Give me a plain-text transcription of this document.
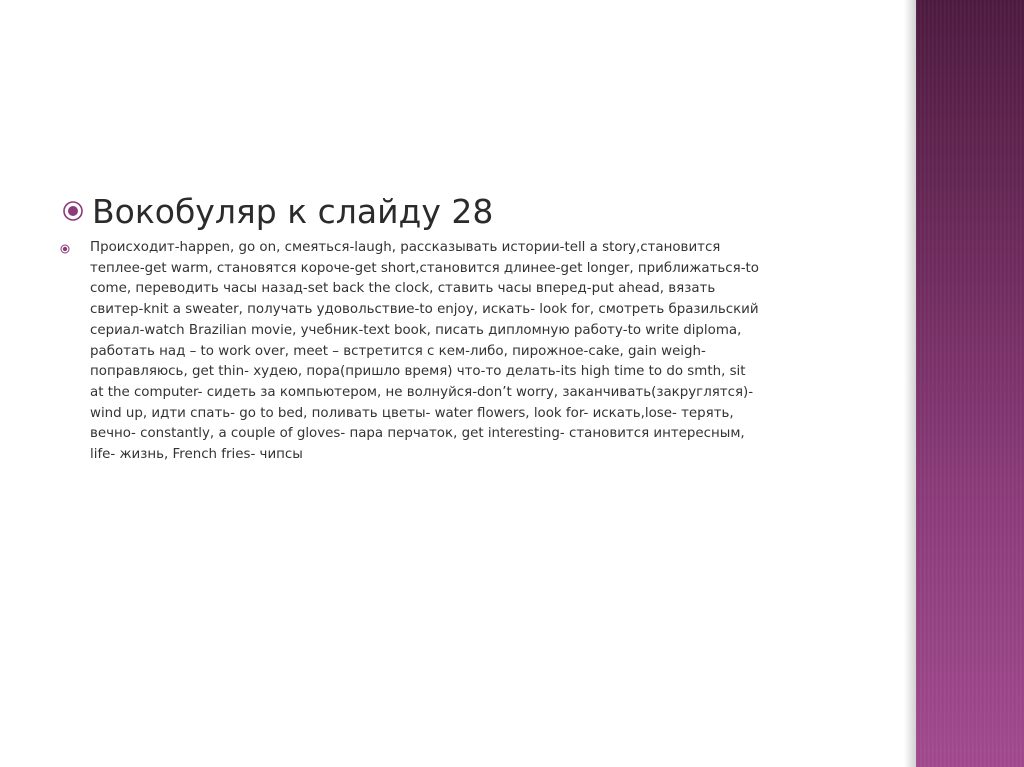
Вокобуляр к слайду 28
Происходит-happen, go on, смеяться-laugh, рассказывать истории-tell a story,становится
теплее-get warm, становятся короче-get short,становится длинее-get longer, приближаться-to
come, переводить часы назад-set back the clock, ставить часы вперед-put ahead, вязать
свитер-knit a sweater, получать удовольствие-to enjoy, искать- look for, смотреть бразильский
сериал-watch Brazilian movie, учебник-text book, писать дипломную работу-to write diploma,
работать над – to work over, meet – встретится с кем-либо, пирожное-cake, gain weigh-
поправляюсь, get thin- худею, пора(пришло время) что-то делать-its high time to do smth, sit
at the computer- сидеть за компьютером, не волнуйся-don’t worry, заканчивать(закруглятся)-
wind up, идти спать- go to bed, поливать цветы- water flowers, look for- искать,lose- терять,
вечно- constantly, a couple of gloves- пара перчаток, get interesting- становится интересным,
life- жизнь, French fries- чипсы
